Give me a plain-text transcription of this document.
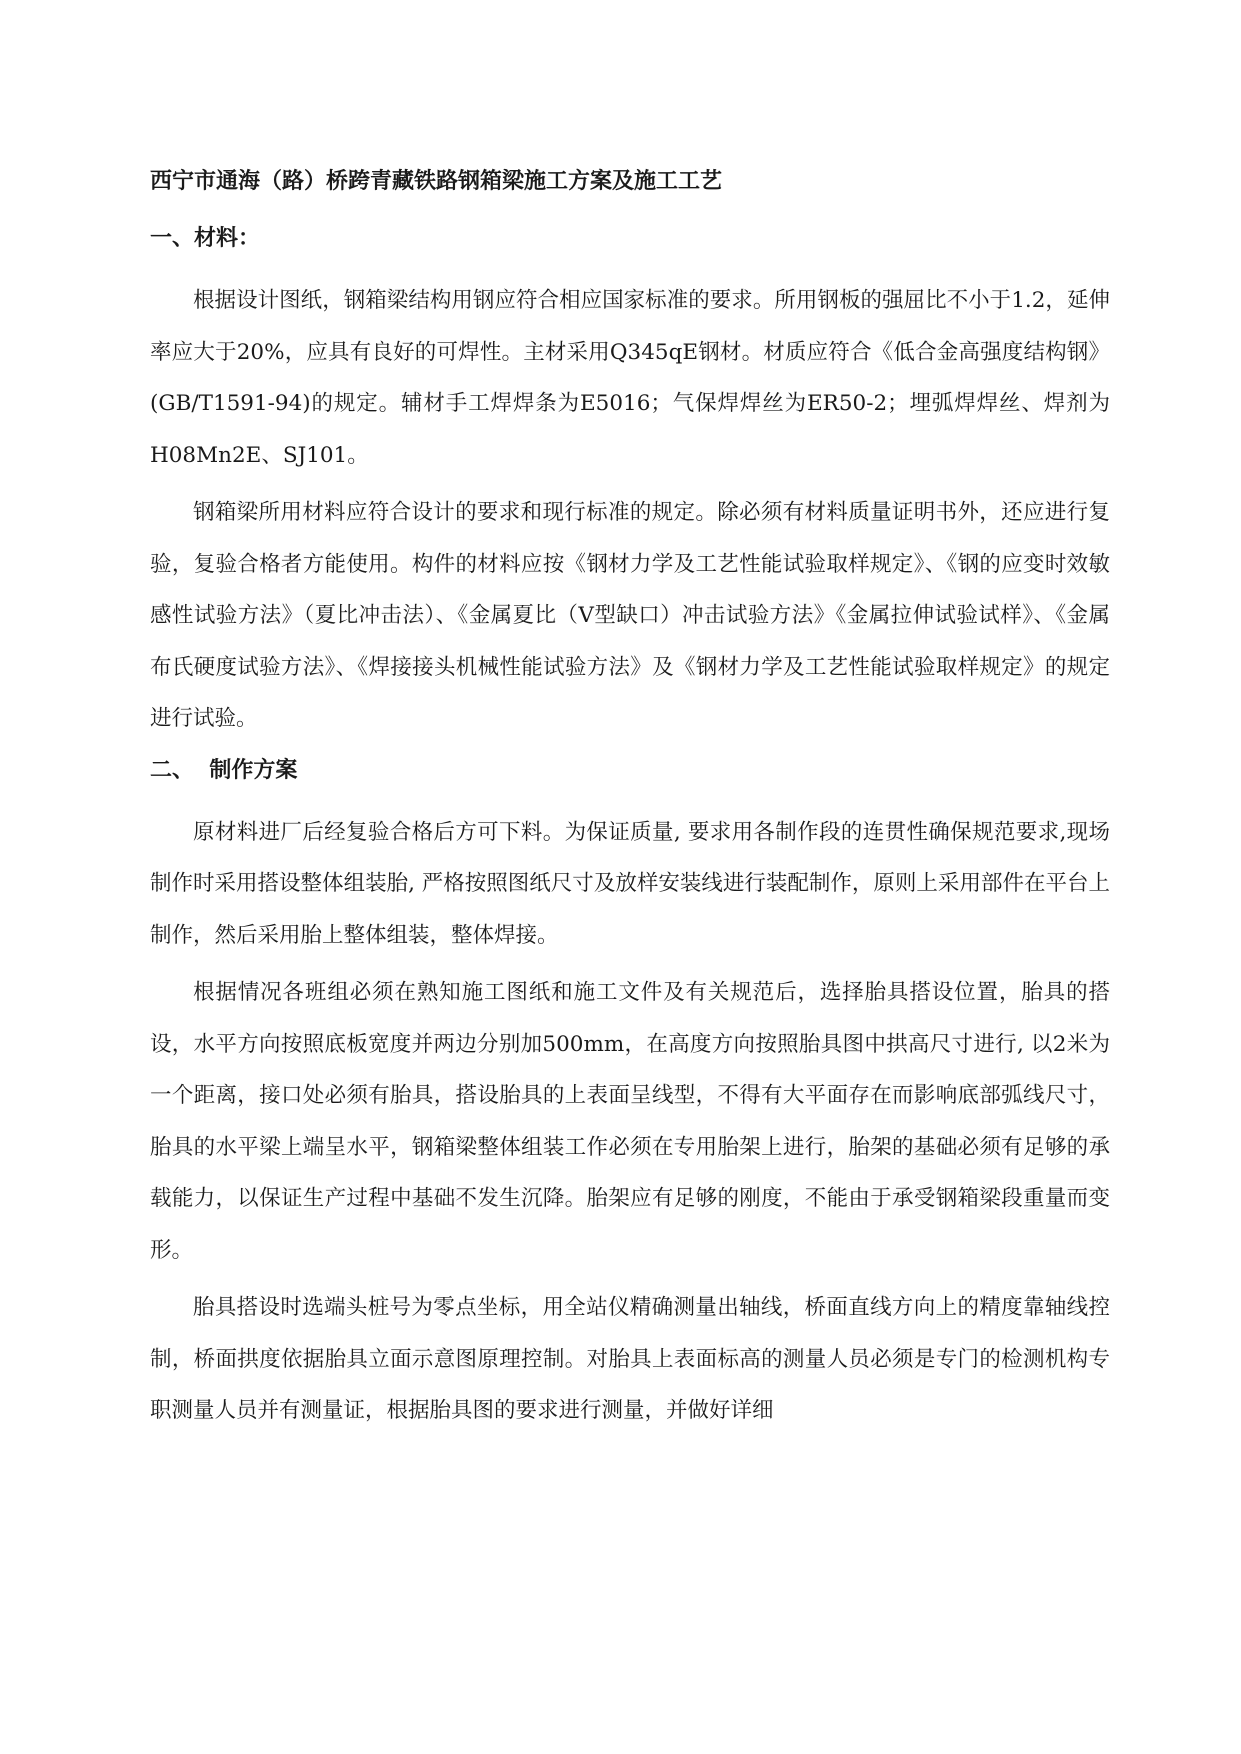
西宁市通海（路）桥跨青藏铁路钢箱梁施工方案及施工工艺
一、材料：

根据设计图纸，钢箱梁结构用钢应符合相应国家标准的要求。所用钢板的强屈比不小于1.2，延伸率应大于20%，应具有良好的可焊性。主材采用Q345qE钢材。材质应符合《低合金高强度结构钢》(GB/T1591-94)的规定。辅材手工焊焊条为E5016；气保焊焊丝为ER50-2；埋弧焊焊丝、焊剂为H08Mn2E、SJ101。

钢箱梁所用材料应符合设计的要求和现行标准的规定。除必须有材料质量证明书外，还应进行复验，复验合格者方能使用。构件的材料应按《钢材力学及工艺性能试验取样规定》、《钢的应变时效敏感性试验方法》（夏比冲击法）、《金属夏比（V型缺口）冲击试验方法》《金属拉伸试验试样》、《金属布氏硬度试验方法》、《焊接接头机械性能试验方法》及《钢材力学及工艺性能试验取样规定》的规定进行试验。

二、  制作方案

原材料进厂后经复验合格后方可下料。为保证质量, 要求用各制作段的连贯性确保规范要求,现场制作时采用搭设整体组装胎, 严格按照图纸尺寸及放样安装线进行装配制作，原则上采用部件在平台上制作，然后采用胎上整体组装，整体焊接。

根据情况各班组必须在熟知施工图纸和施工文件及有关规范后，选择胎具搭设位置，胎具的搭设，水平方向按照底板宽度并两边分别加500mm，在高度方向按照胎具图中拱高尺寸进行, 以2米为一个距离，接口处必须有胎具，搭设胎具的上表面呈线型，不得有大平面存在而影响底部弧线尺寸，胎具的水平梁上端呈水平，钢箱梁整体组装工作必须在专用胎架上进行，胎架的基础必须有足够的承载能力，以保证生产过程中基础不发生沉降。胎架应有足够的刚度，不能由于承受钢箱梁段重量而变形。

胎具搭设时选端头桩号为零点坐标，用全站仪精确测量出轴线，桥面直线方向上的精度靠轴线控制，桥面拱度依据胎具立面示意图原理控制。对胎具上表面标高的测量人员必须是专门的检测机构专职测量人员并有测量证，根据胎具图的要求进行测量，并做好详细
